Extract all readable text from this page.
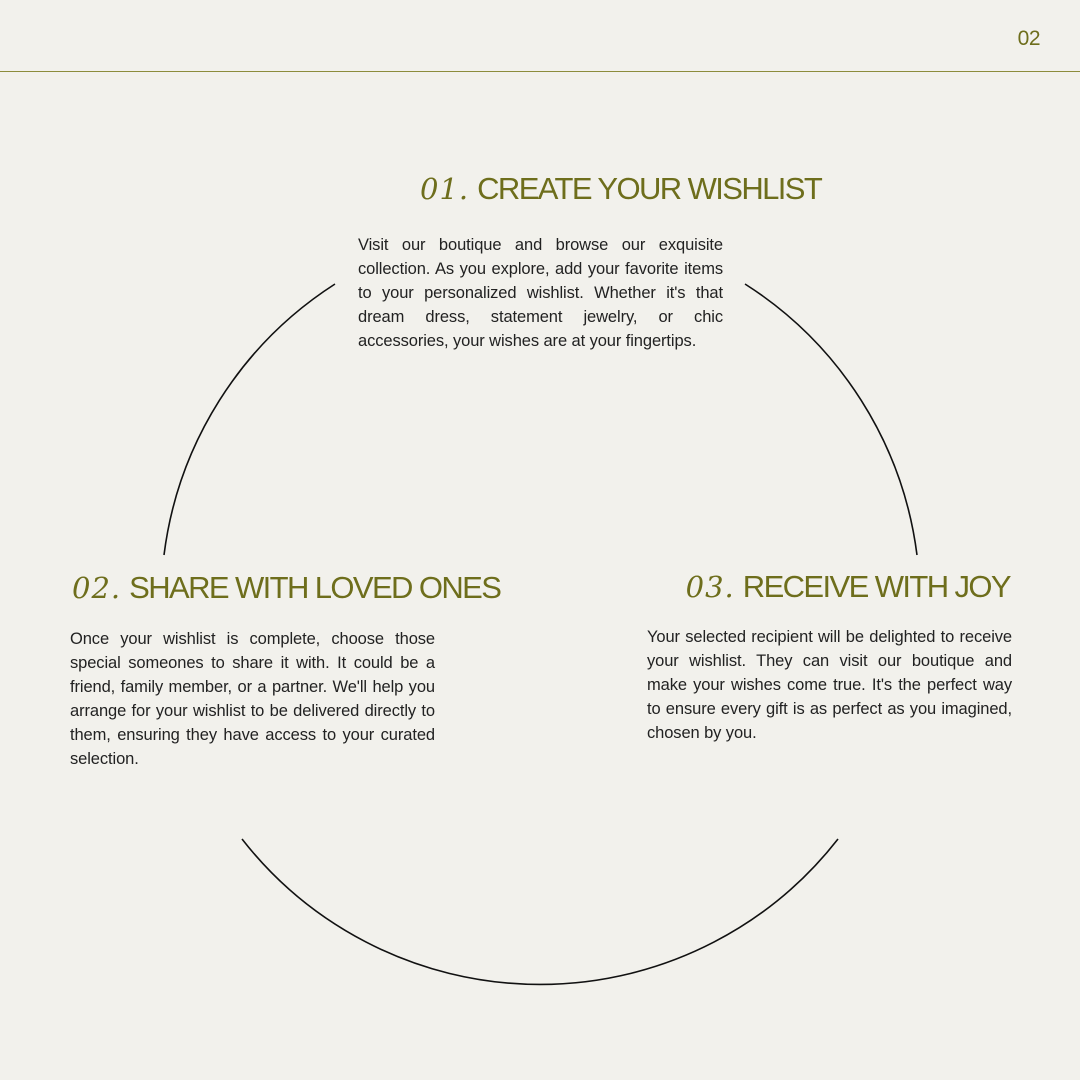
02
01. CREATE YOUR WISHLIST

Visit our boutique and browse our exquisite collection. As you explore, add your favorite items to your personalized wishlist. Whether it's that dream dress, statement jewelry, or chic accessories, your wishes are at your fingertips.

02. SHARE WITH LOVED ONES

Once your wishlist is complete, choose those special someones to share it with. It could be a friend, family member, or a partner. We'll help you arrange for your wishlist to be delivered directly to them, ensuring they have access to your curated selection.

03. RECEIVE WITH JOY

Your selected recipient will be delighted to receive your wishlist. They can visit our boutique and make your wishes come true. It's the perfect way to ensure every gift is as perfect as you imagined, chosen by you.
